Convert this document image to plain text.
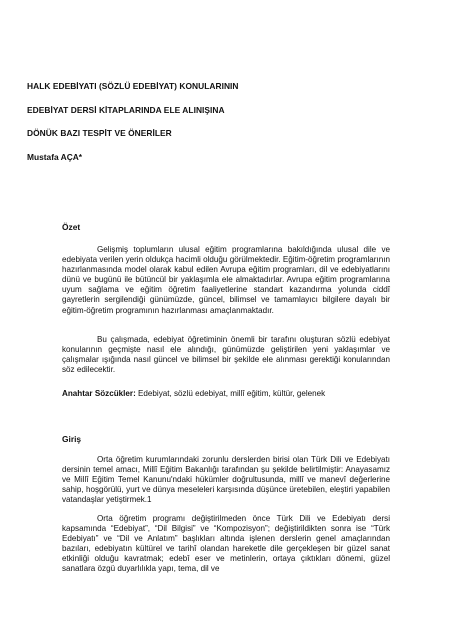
HALK EDEBİYATI (SÖZLÜ EDEBİYAT) KONULARININ
EDEBİYAT DERSİ KİTAPLARINDA ELE ALINIŞINA
DÖNÜK BAZI TESPİT VE ÖNERİLER
Mustafa AÇA*
Özet

Gelişmiş toplumların ulusal eğitim programlarına bakıldığında ulusal dile ve edebiyata verilen yerin oldukça hacimli olduğu görülmektedir. Eğitim-öğretim programlarının hazırlanmasında model olarak kabul edilen Avrupa eğitim programları, dil ve edebiyatlarını dünü ve bugünü ile bütüncül bir yaklaşımla ele almaktadırlar. Avrupa eğitim programlarına uyum sağlama ve eğitim öğretim faaliyetlerine standart kazandırma yolunda ciddî gayretlerin sergilendiği günümüzde, güncel, bilimsel ve tamamlayıcı bilgilere dayalı bir eğitim-öğretim programının hazırlanması amaçlanmaktadır.

Bu çalışmada, edebiyat öğretiminin önemli bir tarafını oluşturan sözlü edebiyat konularının geçmişte nasıl ele alındığı, günümüzde geliştirilen yeni yaklaşımlar ve çalışmalar ışığında nasıl güncel ve bilimsel bir şekilde ele alınması gerektiği konularından söz edilecektir.

Anahtar Sözcükler: Edebiyat, sözlü edebiyat, millî eğitim, kültür, gelenek
Giriş

Orta öğretim kurumlarındaki zorunlu derslerden birisi olan Türk Dili ve Edebiyatı dersinin temel amacı, Millî Eğitim Bakanlığı tarafından şu şekilde belirtilmiştir: Anayasamız ve Millî Eğitim Temel Kanunu'ndaki hükümler doğrultusunda, millî ve manevî değerlerine sahip, hoşgörülü, yurt ve dünya meseleleri karşısında düşünce üretebilen, eleştiri yapabilen vatandaşlar yetiştirmek.1

Orta öğretim programı değiştirilmeden önce Türk Dili ve Edebiyatı dersi kapsamında “Edebiyat”, “Dil Bilgisi” ve “Kompozisyon”; değiştirildikten sonra ise “Türk Edebiyatı” ve “Dil ve Anlatım” başlıkları altında işlenen derslerin genel amaçlarından bazıları, edebiyatın kültürel ve tarihî olandan hareketle dile gerçekleşen bir güzel sanat etkinliği olduğu kavratmak; edebî eser ve metinlerin, ortaya çıktıkları dönemi, güzel sanatlara özgü duyarlılıkla yapı, tema, dil ve
